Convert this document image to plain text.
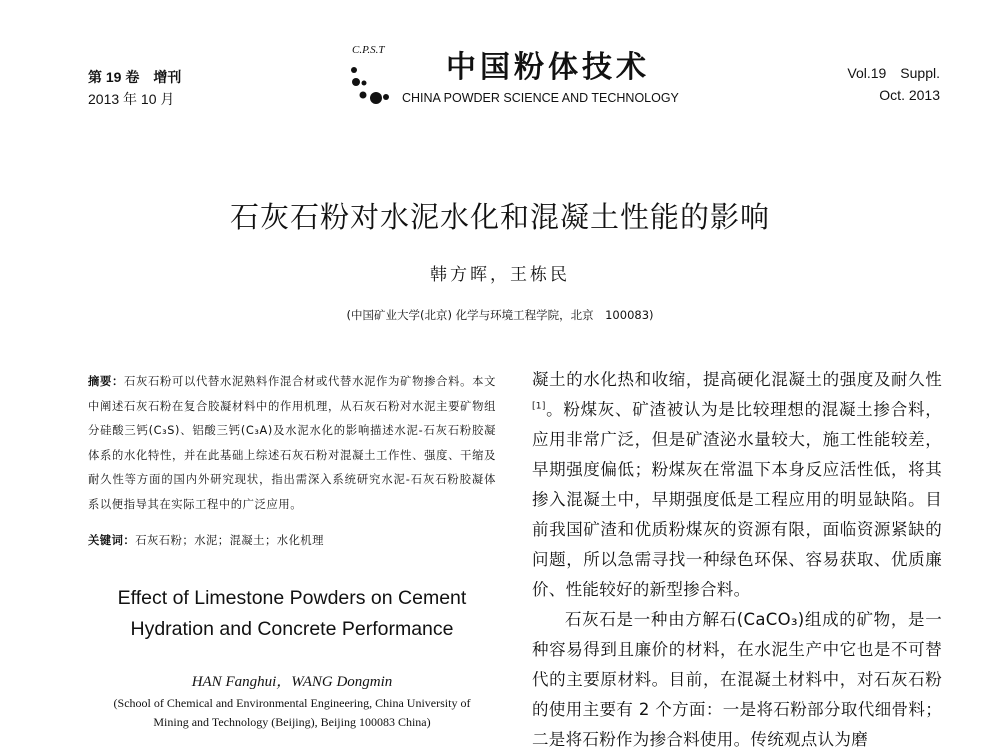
第 19 卷　增刊
2013 年 10 月
C.P.S.T 中国粉体技术
CHINA POWDER SCIENCE AND TECHNOLOGY
Vol.19　Suppl.
Oct. 2013
石灰石粉对水泥水化和混凝土性能的影响
韩方晖，王栋民
(中国矿业大学(北京) 化学与环境工程学院，北京　100083)
摘要：石灰石粉可以代替水泥熟料作混合材或代替水泥作为矿物掺合料。本文中阐述石灰石粉在复合胶凝材料中的作用机理，从石灰石粉对水泥主要矿物组分硅酸三钙(C₃S)、铝酸三钙(C₃A)及水泥水化的影响描述水泥-石灰石粉胶凝体系的水化特性，并在此基础上综述石灰石粉对混凝土工作性、强度、干缩及耐久性等方面的国内外研究现状，指出需深入系统研究水泥-石灰石粉胶凝体系以便指导其在实际工程中的广泛应用。
关键词：石灰石粉；水泥；混凝土；水化机理
Effect of Limestone Powders on Cement
Hydration and Concrete Performance
HAN Fanghui，WANG Dongmin
(School of Chemical and Environmental Engineering, China University of
Mining and Technology (Beijing), Beijing 100083 China)

凝土的水化热和收缩，提高硬化混凝土的强度及耐久性[1]。粉煤灰、矿渣被认为是比较理想的混凝土掺合料，应用非常广泛，但是矿渣泌水量较大，施工性能较差，早期强度偏低；粉煤灰在常温下本身反应活性低，将其掺入混凝土中，早期强度低是工程应用的明显缺陷。目前我国矿渣和优质粉煤灰的资源有限，面临资源紧缺的问题，所以急需寻找一种绿色环保、容易获取、优质廉价、性能较好的新型掺合料。

石灰石是一种由方解石(CaCO₃)组成的矿物，是一种容易得到且廉价的材料，在水泥生产中它也是不可替代的主要原材料。目前，在混凝土材料中，对石灰石粉的使用主要有 2 个方面：一是将石粉部分取代细骨料；二是将石粉作为掺合料使用。传统观点认为磨
